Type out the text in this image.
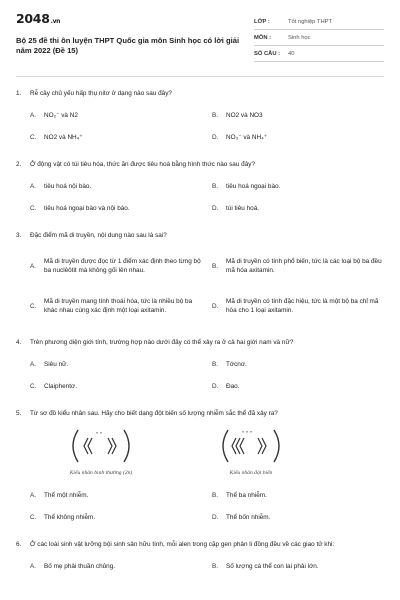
2048.vn
Bộ 25 đề thi ôn luyện THPT Quốc gia môn Sinh học có lời giải năm 2022 (Đề 15)
LỚP :	Tốt nghiệp THPT
MÔN :	Sinh học
SỐ CÂU :	40
1.	Rễ cây chủ yếu hấp thụ nitơ ở dạng nào sau đây?
A.	NO₂⁻ và N2	B.	NO2 và NO3
C.	NO2 và NH₄⁺	D.	NO₃⁻ và NH₄⁺
2.	Ở động vật có túi tiêu hóa, thức ăn được tiêu hoá bằng hình thức nào sau đây?
A.	tiêu hoá nội bào.	B.	tiêu hoá ngoại bào.
C.	tiêu hoá ngoại bào và nội bào.	D.	túi tiêu hoá.
3.	Đặc điểm mã di truyền, nội dung nào sau là sai?
A.
Mã di truyền được đọc từ 1 điểm xác định theo từng bộ ba nuclêôtit mà không gối lên nhau.
B.
Mã di truyền có tính phổ biến, tức là các loại bộ ba đều mã hóa axitamin.
C.
Mã di truyền mang tính thoái hóa, tức là nhiều bộ ba khác nhau cùng xác định một loại axitamin.
D.
Mã di truyền có tính đặc hiệu, tức là một bộ ba chỉ mã hóa cho 1 loại axitamin.
4.	Trên phương diện giới tính, trường hợp nào dưới đây có thể xảy ra ở cả hai giới nam và nữ?
A.	Siêu nữ.	B.	Tớcnơ.
C.	Claiphentơ.	D.	Đao.
5.	Từ sơ đồ kiểu nhân sau. Hãy cho biết dạng đột biến số lượng nhiễm sắc thể đã xảy ra?
" "
Kiểu nhân bình thường (2n)
" " "
Kiểu nhân đột biến
A.	Thể một nhiễm.	B.	Thể ba nhiễm.
C.	Thể không nhiễm.	D.	Thể bốn nhiễm.
6.	Ở các loài sinh vật lưỡng bội sinh sản hữu tính, mỗi alen trong cặp gen phân li đồng đều về các giao tử khi:
A.	Bố mẹ phải thuần chủng.	B.	Số lượng cá thể con lai phải lớn.
